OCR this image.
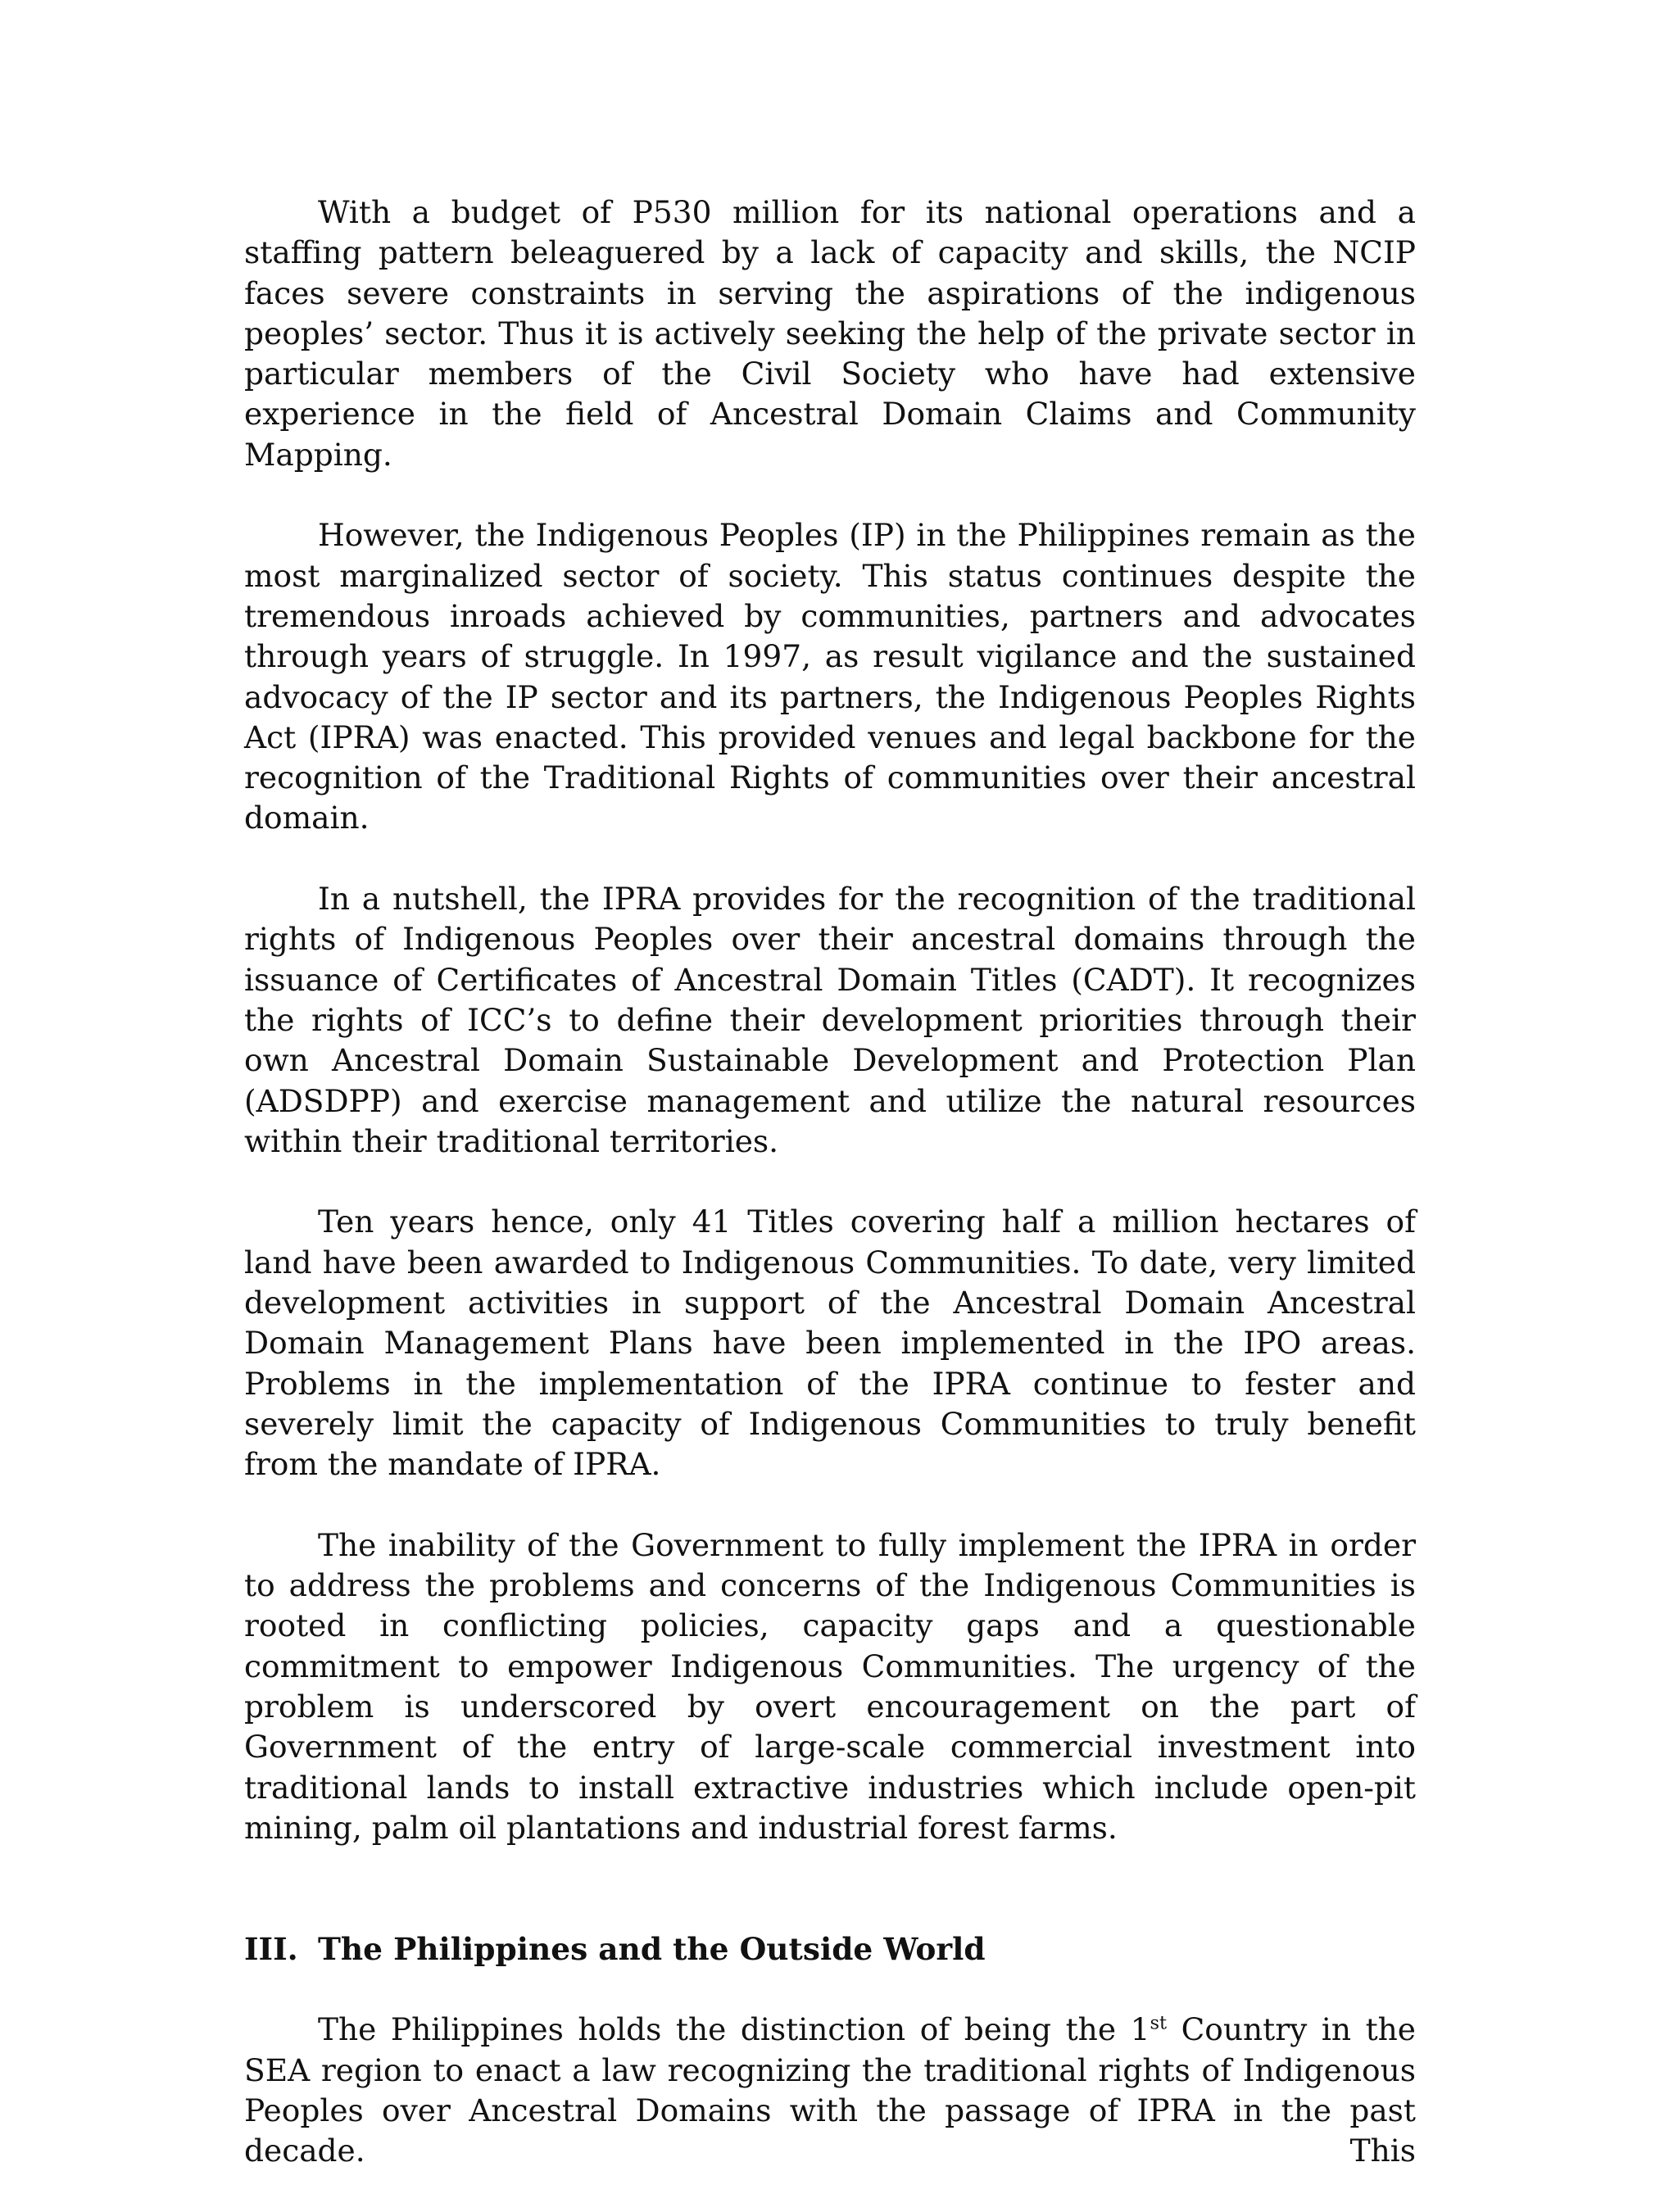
With a budget of P530 million for its national operations and a staffing pattern beleaguered by a lack of capacity and skills, the NCIP faces severe constraints in serving the aspirations of the indigenous peoples’ sector. Thus it is actively seeking the help of the private sector in particular members of the Civil Society who have had extensive experience in the field of Ancestral Domain Claims and Community Mapping.

However, the Indigenous Peoples (IP) in the Philippines remain as the most marginalized sector of society. This status continues despite the tremendous inroads achieved by communities, partners and advocates through years of struggle. In 1997, as result vigilance and the sustained advocacy of the IP sector and its partners, the Indigenous Peoples Rights Act (IPRA) was enacted. This provided venues and legal backbone for the recognition of the Traditional Rights of communities over their ancestral domain.

In a nutshell, the IPRA provides for the recognition of the traditional rights of Indigenous Peoples over their ancestral domains through the issuance of Certificates of Ancestral Domain Titles (CADT). It recognizes the rights of ICC’s to define their development priorities through their own Ancestral Domain Sustainable Development and Protection Plan (ADSDPP) and exercise management and utilize the natural resources within their traditional territories.

Ten years hence, only 41 Titles covering half a million hectares of land have been awarded to Indigenous Communities. To date, very limited development activities in support of the Ancestral Domain Ancestral Domain Management Plans have been implemented in the IPO areas. Problems in the implementation of the IPRA continue to fester and severely limit the capacity of Indigenous Communities to truly benefit from the mandate of IPRA.

The inability of the Government to fully implement the IPRA in order to address the problems and concerns of the Indigenous Communities is rooted in conflicting policies, capacity gaps and a questionable commitment to empower Indigenous Communities. The urgency of the problem is underscored by overt encouragement on the part of Government of the entry of large-scale commercial investment into traditional lands to install extractive industries which include open-pit mining, palm oil plantations and industrial forest farms.

III. The Philippines and the Outside World

The Philippines holds the distinction of being the 1st Country in the SEA region to enact a law recognizing the traditional rights of Indigenous Peoples over Ancestral Domains with the passage of IPRA in the past decade. This
